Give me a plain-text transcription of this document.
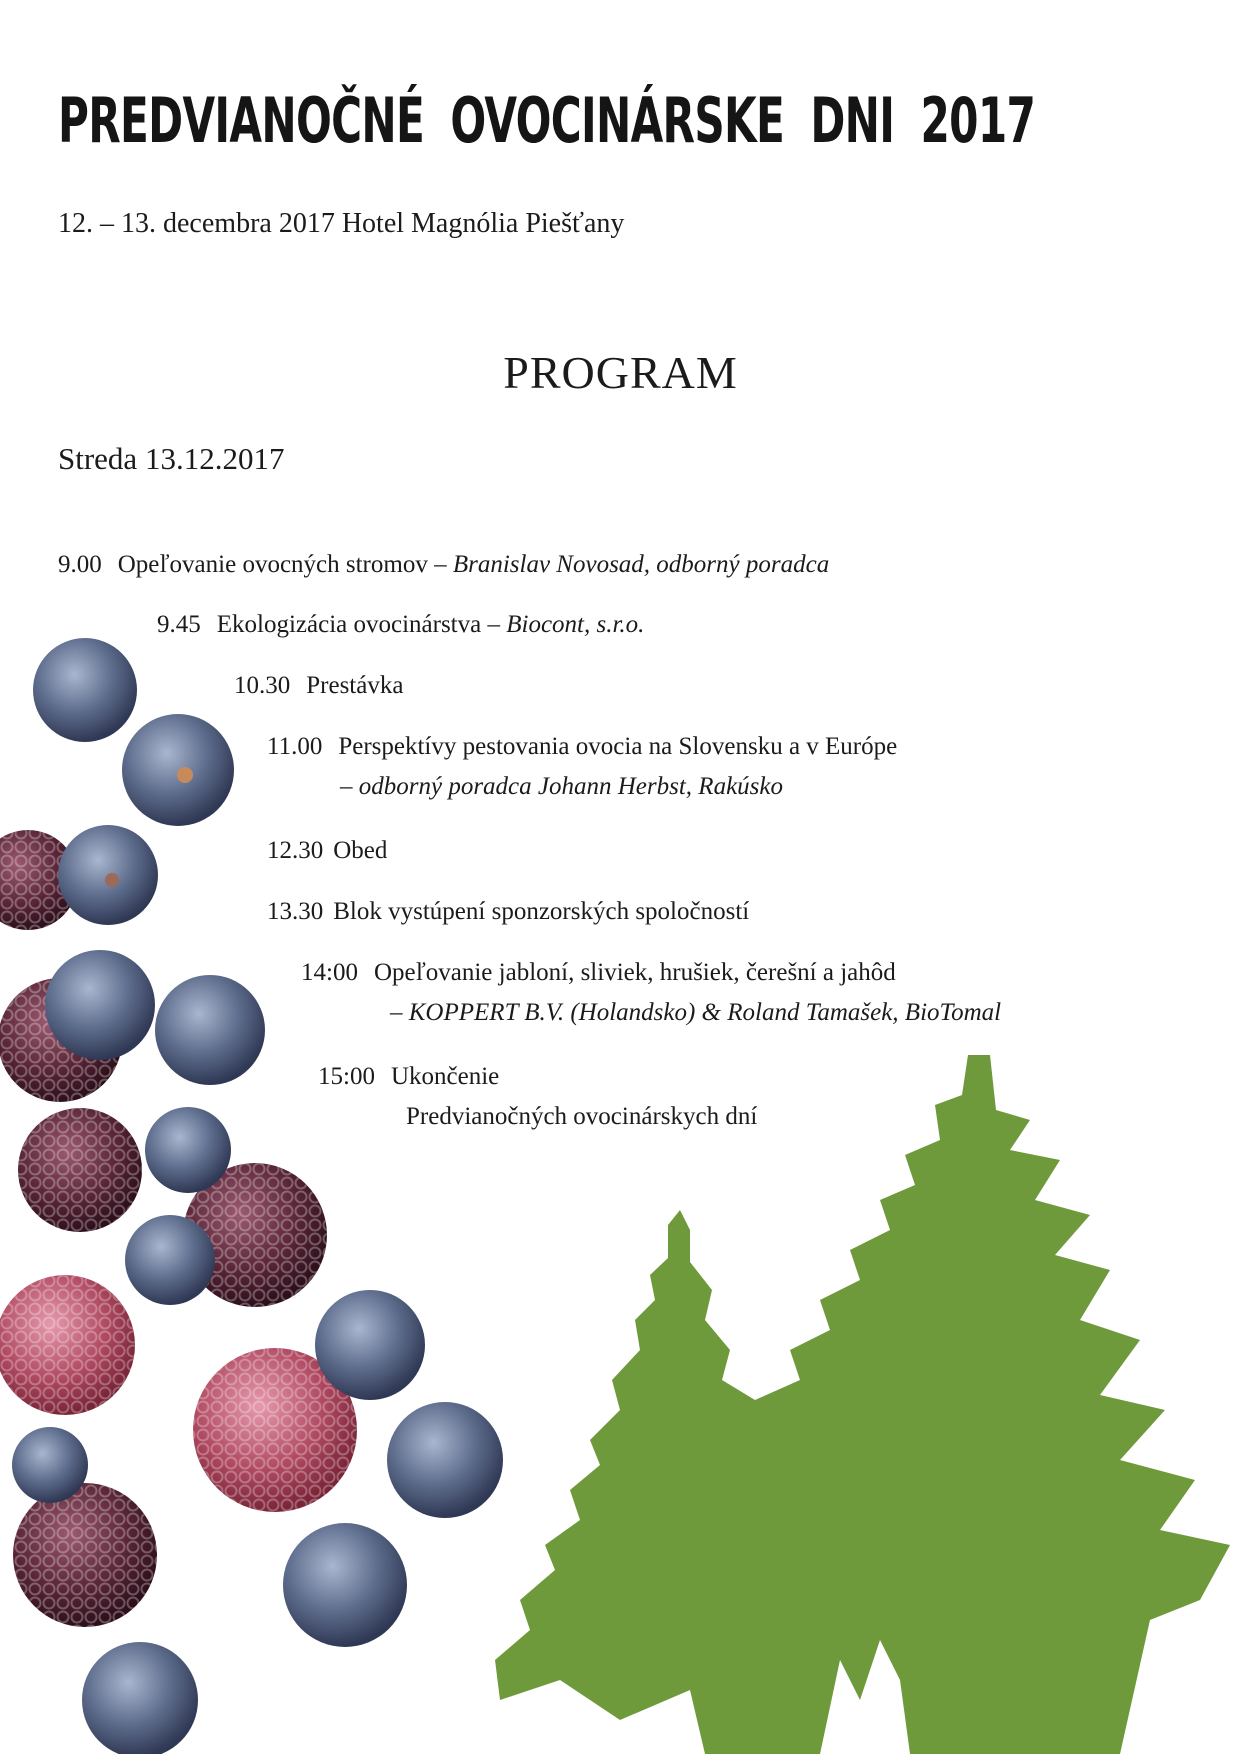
PREDVIANOČNÉ OVOCINÁRSKE DNI 2017
12. – 13. decembra 2017 Hotel Magnólia Piešťany
PROGRAM
Streda 13.12.2017
9.00 Opeľovanie ovocných stromov – Branislav Novosad, odborný poradca
9.45 Ekologizácia ovocinárstva – Biocont, s.r.o.
10.30 Prestávka
11.00 Perspektívy pestovania ovocia na Slovensku a v Európe
– odborný poradca Johann Herbst, Rakúsko
12.30 Obed
13.30 Blok vystúpení sponzorských spoločností
14:00 Opeľovanie jabloní, sliviek, hrušiek, čerešní a jahôd
– KOPPERT B.V. (Holandsko) & Roland Tamašek, BioTomal
15:00 Ukončenie
Predvianočných ovocinárskych dní
